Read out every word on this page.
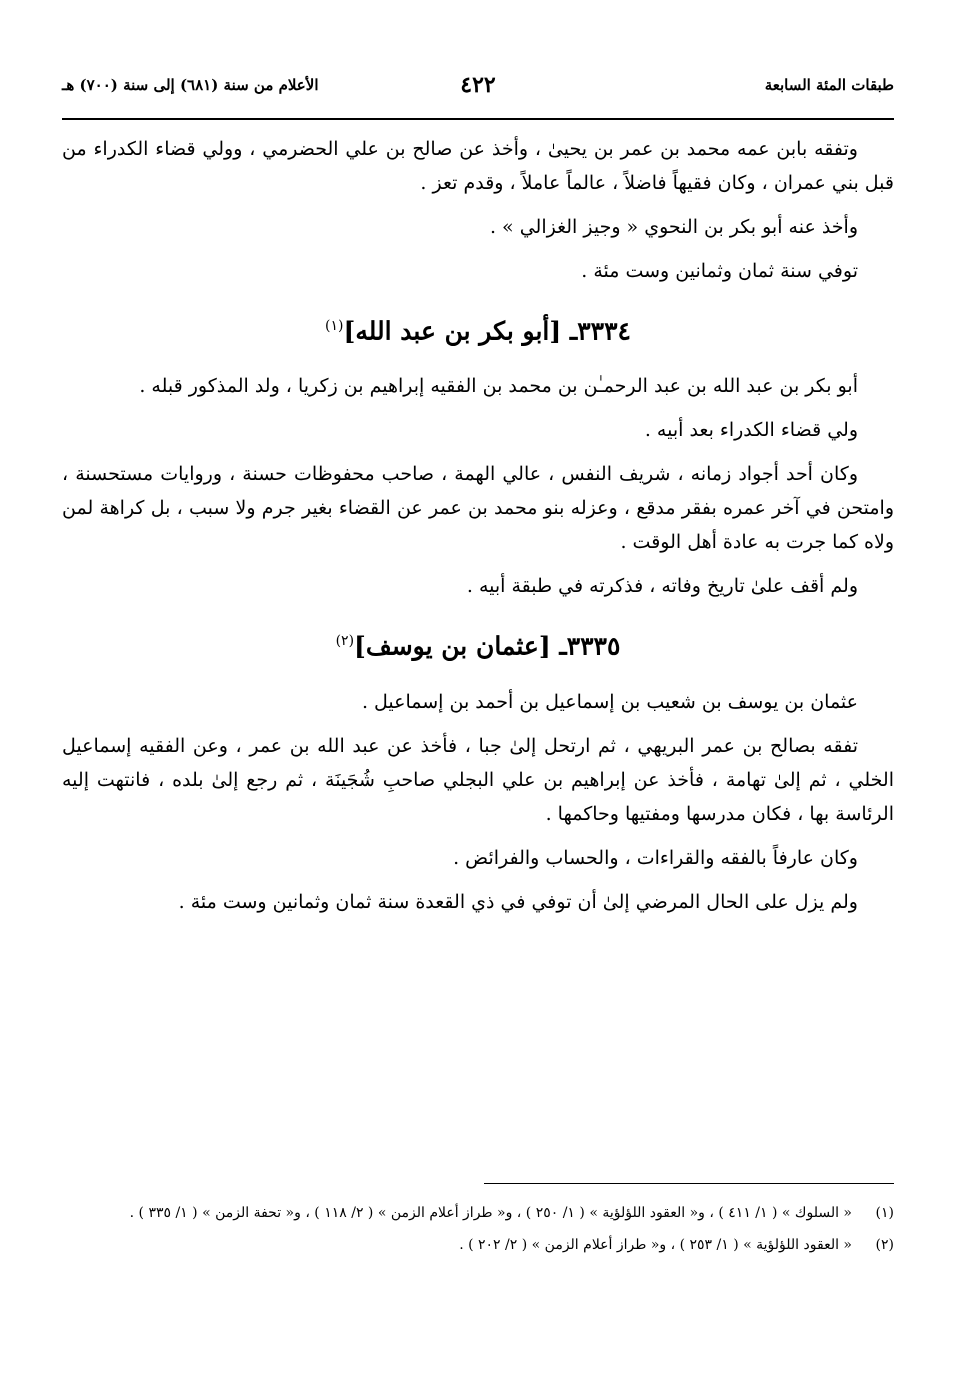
طبقات المئة السابعة
٤٢٢
الأعلام من سنة (٦٨١) إلى سنة (٧٠٠) هـ

وتفقه بابن عمه محمد بن عمر بن يحيىٰ ، وأخذ عن صالح بن علي الحضرمي ، وولي قضاء الكدراء من قبل بني عمران ، وكان فقيهاً فاضلاً ، عالماً عاملاً ، وقدم تعز .

وأخذ عنه أبو بكر بن النحوي « وجيز الغزالي » .

توفي سنة ثمان وثمانين وست مئة .

٣٣٣٤ـ [أبو بكر بن عبد الله]$^{(١)}$

أبو بكر بن عبد الله بن عبد الرحمـٰن بن محمد بن الفقيه إبراهيم بن زكريا ، ولد المذكور قبله .

ولي قضاء الكدراء بعد أبيه .

وكان أحد أجواد زمانه ، شريف النفس ، عالي الهمة ، صاحب محفوظات حسنة ، وروايات مستحسنة ، وامتحن في آخر عمره بفقر مدقع ، وعزله بنو محمد بن عمر عن القضاء بغير جرم ولا سبب ، بل كراهة لمن ولاه كما جرت به عادة أهل الوقت .

ولم أقف علىٰ تاريخ وفاته ، فذكرته في طبقة أبيه .

٣٣٣٥ـ [عثمان بن يوسف]$^{(٢)}$

عثمان بن يوسف بن شعيب بن إسماعيل بن أحمد بن إسماعيل .

تفقه بصالح بن عمر البريهي ، ثم ارتحل إلىٰ جبا ، فأخذ عن عبد الله بن عمر ، وعن الفقيه إسماعيل الخلي ، ثم إلىٰ تهامة ، فأخذ عن إبراهيم بن علي البجلي صاحبِ شُجَينَة ، ثم رجع إلىٰ بلده ، فانتهت إليه الرئاسة بها ، فكان مدرسها ومفتيها وحاكمها .

وكان عارفاً بالفقه والقراءات ، والحساب والفرائض .

ولم يزل على الحال المرضي إلىٰ أن توفي في ذي القعدة سنة ثمان وثمانين وست مئة .

(١)
« السلوك » ( ١/ ٤١١ ) ، و« العقود اللؤلؤية » ( ١/ ٢٥٠ ) ، و« طراز أعلام الزمن » ( ٢/ ١١٨ ) ، و« تحفة الزمن » ( ١/ ٣٣٥ ) .
(٢)
« العقود اللؤلؤية » ( ١/ ٢٥٣ ) ، و« طراز أعلام الزمن » ( ٢/ ٢٠٢ ) .
